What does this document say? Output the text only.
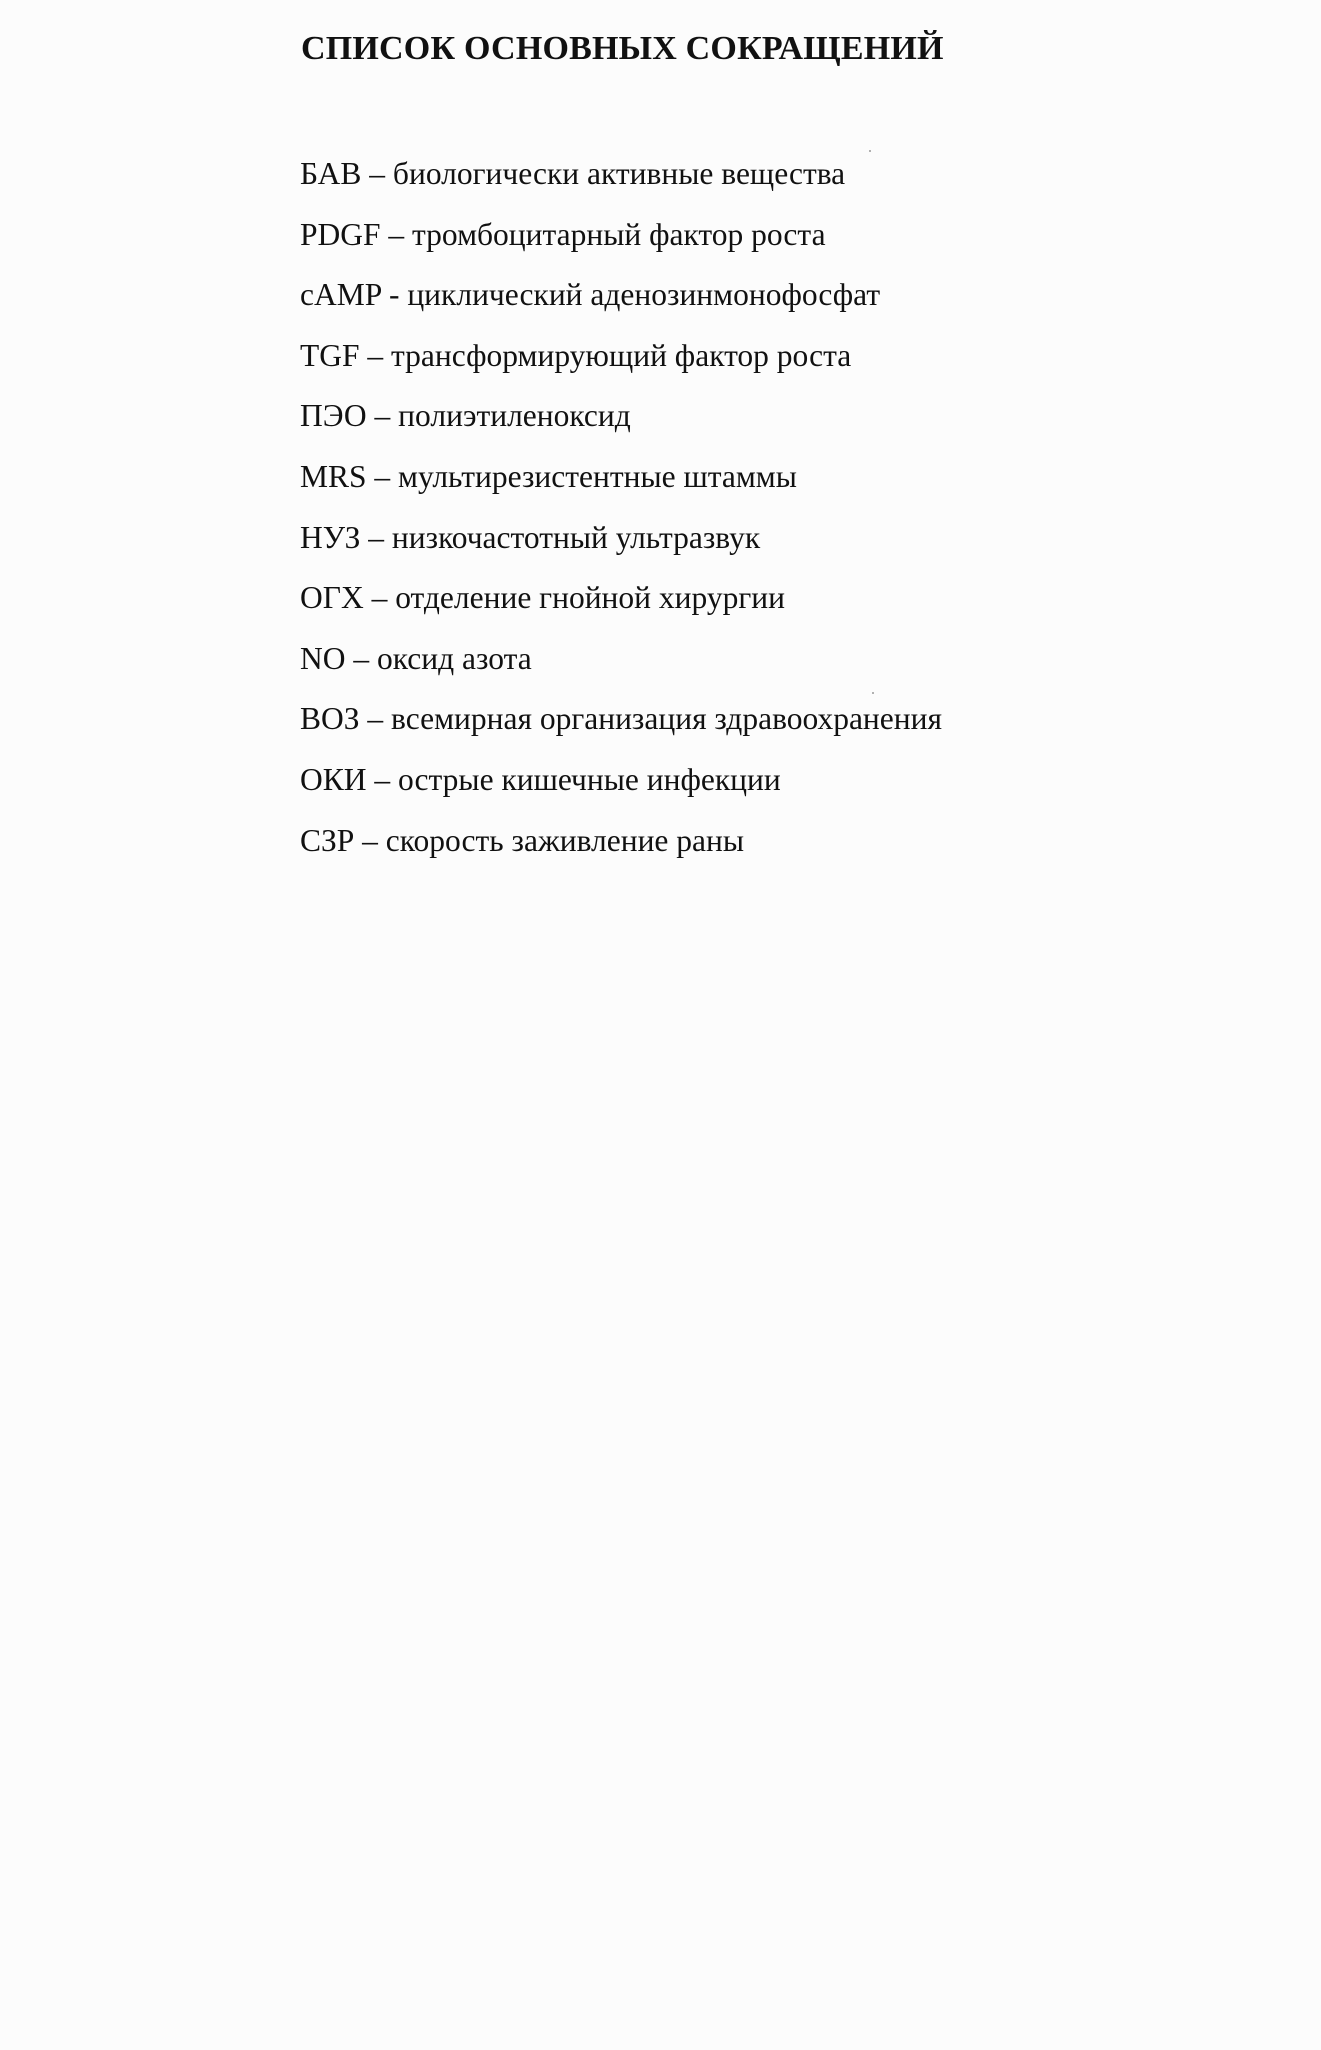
СПИСОК ОСНОВНЫХ СОКРАЩЕНИЙ
БАВ – биологически активные вещества
PDGF – тромбоцитарный фактор роста
cAMP - циклический аденозинмонофосфат
TGF – трансформирующий фактор роста
ПЭО – полиэтиленоксид
MRS – мультирезистентные штаммы
НУЗ – низкочастотный ультразвук
ОГХ – отделение гнойной хирургии
NO – оксид азота
ВОЗ – всемирная организация здравоохранения
ОКИ – острые кишечные инфекции
СЗР – скорость заживление раны
